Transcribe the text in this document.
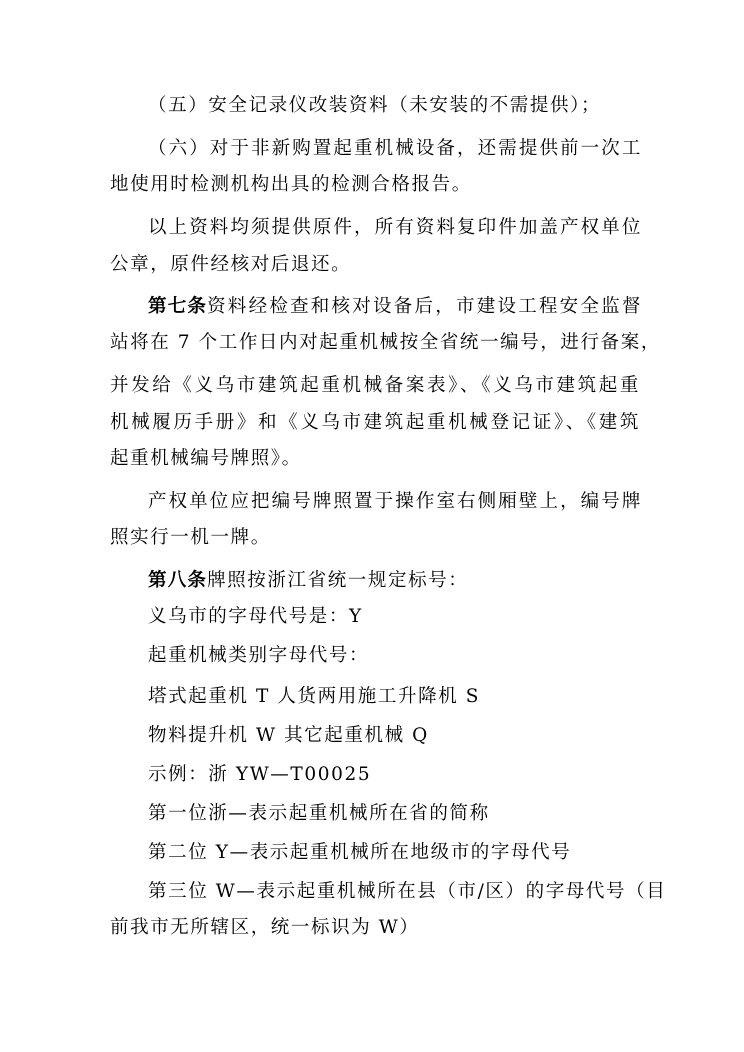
（五）安全记录仪改装资料（未安装的不需提供）；
（六）对于非新购置起重机械设备，还需提供前一次工
地使用时检测机构出具的检测合格报告。
以上资料均须提供原件，所有资料复印件加盖产权单位
公章，原件经核对后退还。
第七条 资料经检查和核对设备后，市建设工程安全监督
站将在 7 个工作日内对起重机械按全省统一编号，进行备案，
并发给《义乌市建筑起重机械备案表》、《义乌市建筑起重
机械履历手册》和《义乌市建筑起重机械登记证》、《建筑
起重机械编号牌照》。
产权单位应把编号牌照置于操作室右侧厢壁上，编号牌
照实行一机一牌。
第八条牌照按浙江省统一规定标号：
义乌市的字母代号是：Y
起重机械类别字母代号：
塔式起重机 T 人货两用施工升降机 S
物料提升机 W 其它起重机械 Q
示例：浙 YW—T00025
第一位浙—表示起重机械所在省的简称
第二位 Y—表示起重机械所在地级市的字母代号
第三位 W—表示起重机械所在县（市/区）的字母代号（目
前我市无所辖区，统一标识为 W）
